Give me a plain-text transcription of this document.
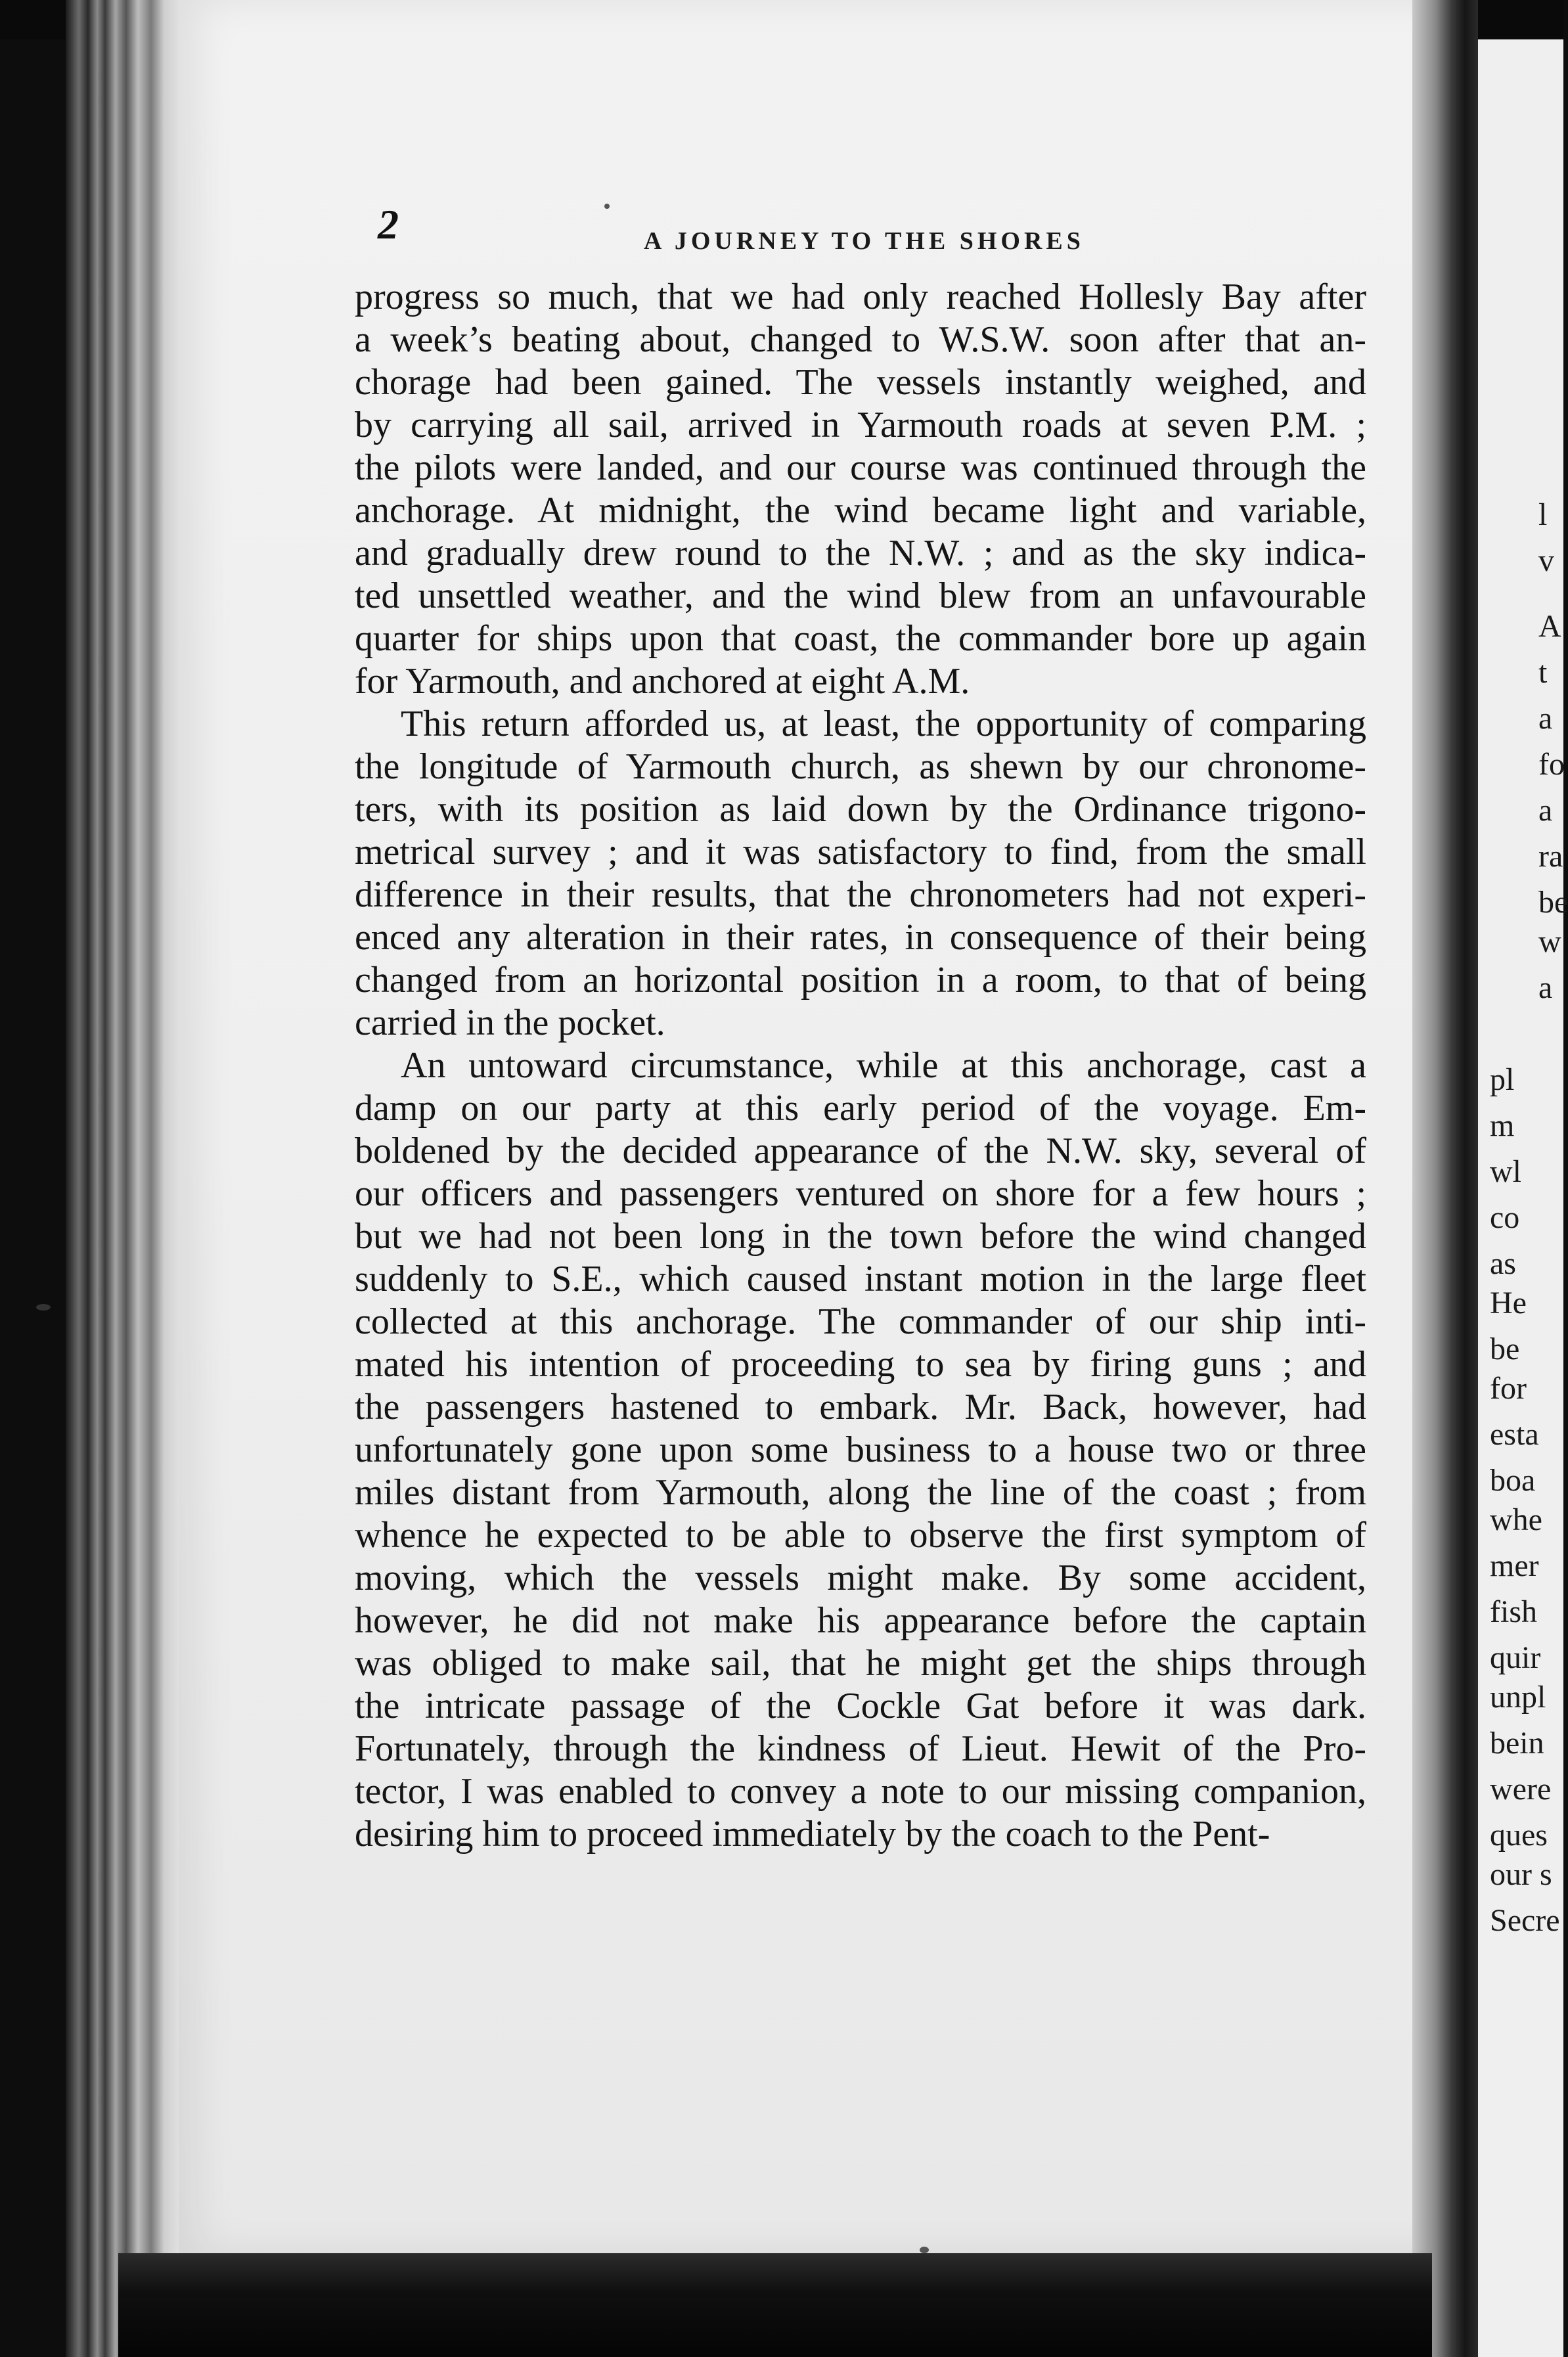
l
v
A
t
a
fo
a
ra
be
w
a
pl
m
wl
co
as
He
be
for
esta
boa
whe
mer
fish
quir
unpl
bein
were
ques
our s
Secre
2	A JOURNEY TO THE SHORES
progress so much, that we had only reached Hollesly Bay after
a week’s beating about, changed to W.S.W. soon after that an-
chorage had been gained. The vessels instantly weighed, and
by carrying all sail, arrived in Yarmouth roads at seven P.M. ;
the pilots were landed, and our course was continued through the
anchorage. At midnight, the wind became light and variable,
and gradually drew round to the N.W. ; and as the sky indica-
ted unsettled weather, and the wind blew from an unfavourable
quarter for ships upon that coast, the commander bore up again
for Yarmouth, and anchored at eight A.M.
This return afforded us, at least, the opportunity of comparing
the longitude of Yarmouth church, as shewn by our chronome-
ters, with its position as laid down by the Ordinance trigono-
metrical survey ; and it was satisfactory to find, from the small
difference in their results, that the chronometers had not experi-
enced any alteration in their rates, in consequence of their being
changed from an horizontal position in a room, to that of being
carried in the pocket.
An untoward circumstance, while at this anchorage, cast a
damp on our party at this early period of the voyage. Em-
boldened by the decided appearance of the N.W. sky, several of
our officers and passengers ventured on shore for a few hours ;
but we had not been long in the town before the wind changed
suddenly to S.E., which caused instant motion in the large fleet
collected at this anchorage. The commander of our ship inti-
mated his intention of proceeding to sea by firing guns ; and
the passengers hastened to embark. Mr. Back, however, had
unfortunately gone upon some business to a house two or three
miles distant from Yarmouth, along the line of the coast ; from
whence he expected to be able to observe the first symptom of
moving, which the vessels might make. By some accident,
however, he did not make his appearance before the captain
was obliged to make sail, that he might get the ships through
the intricate passage of the Cockle Gat before it was dark.
Fortunately, through the kindness of Lieut. Hewit of the Pro-
tector, I was enabled to convey a note to our missing companion,
desiring him to proceed immediately by the coach to the Pent-
